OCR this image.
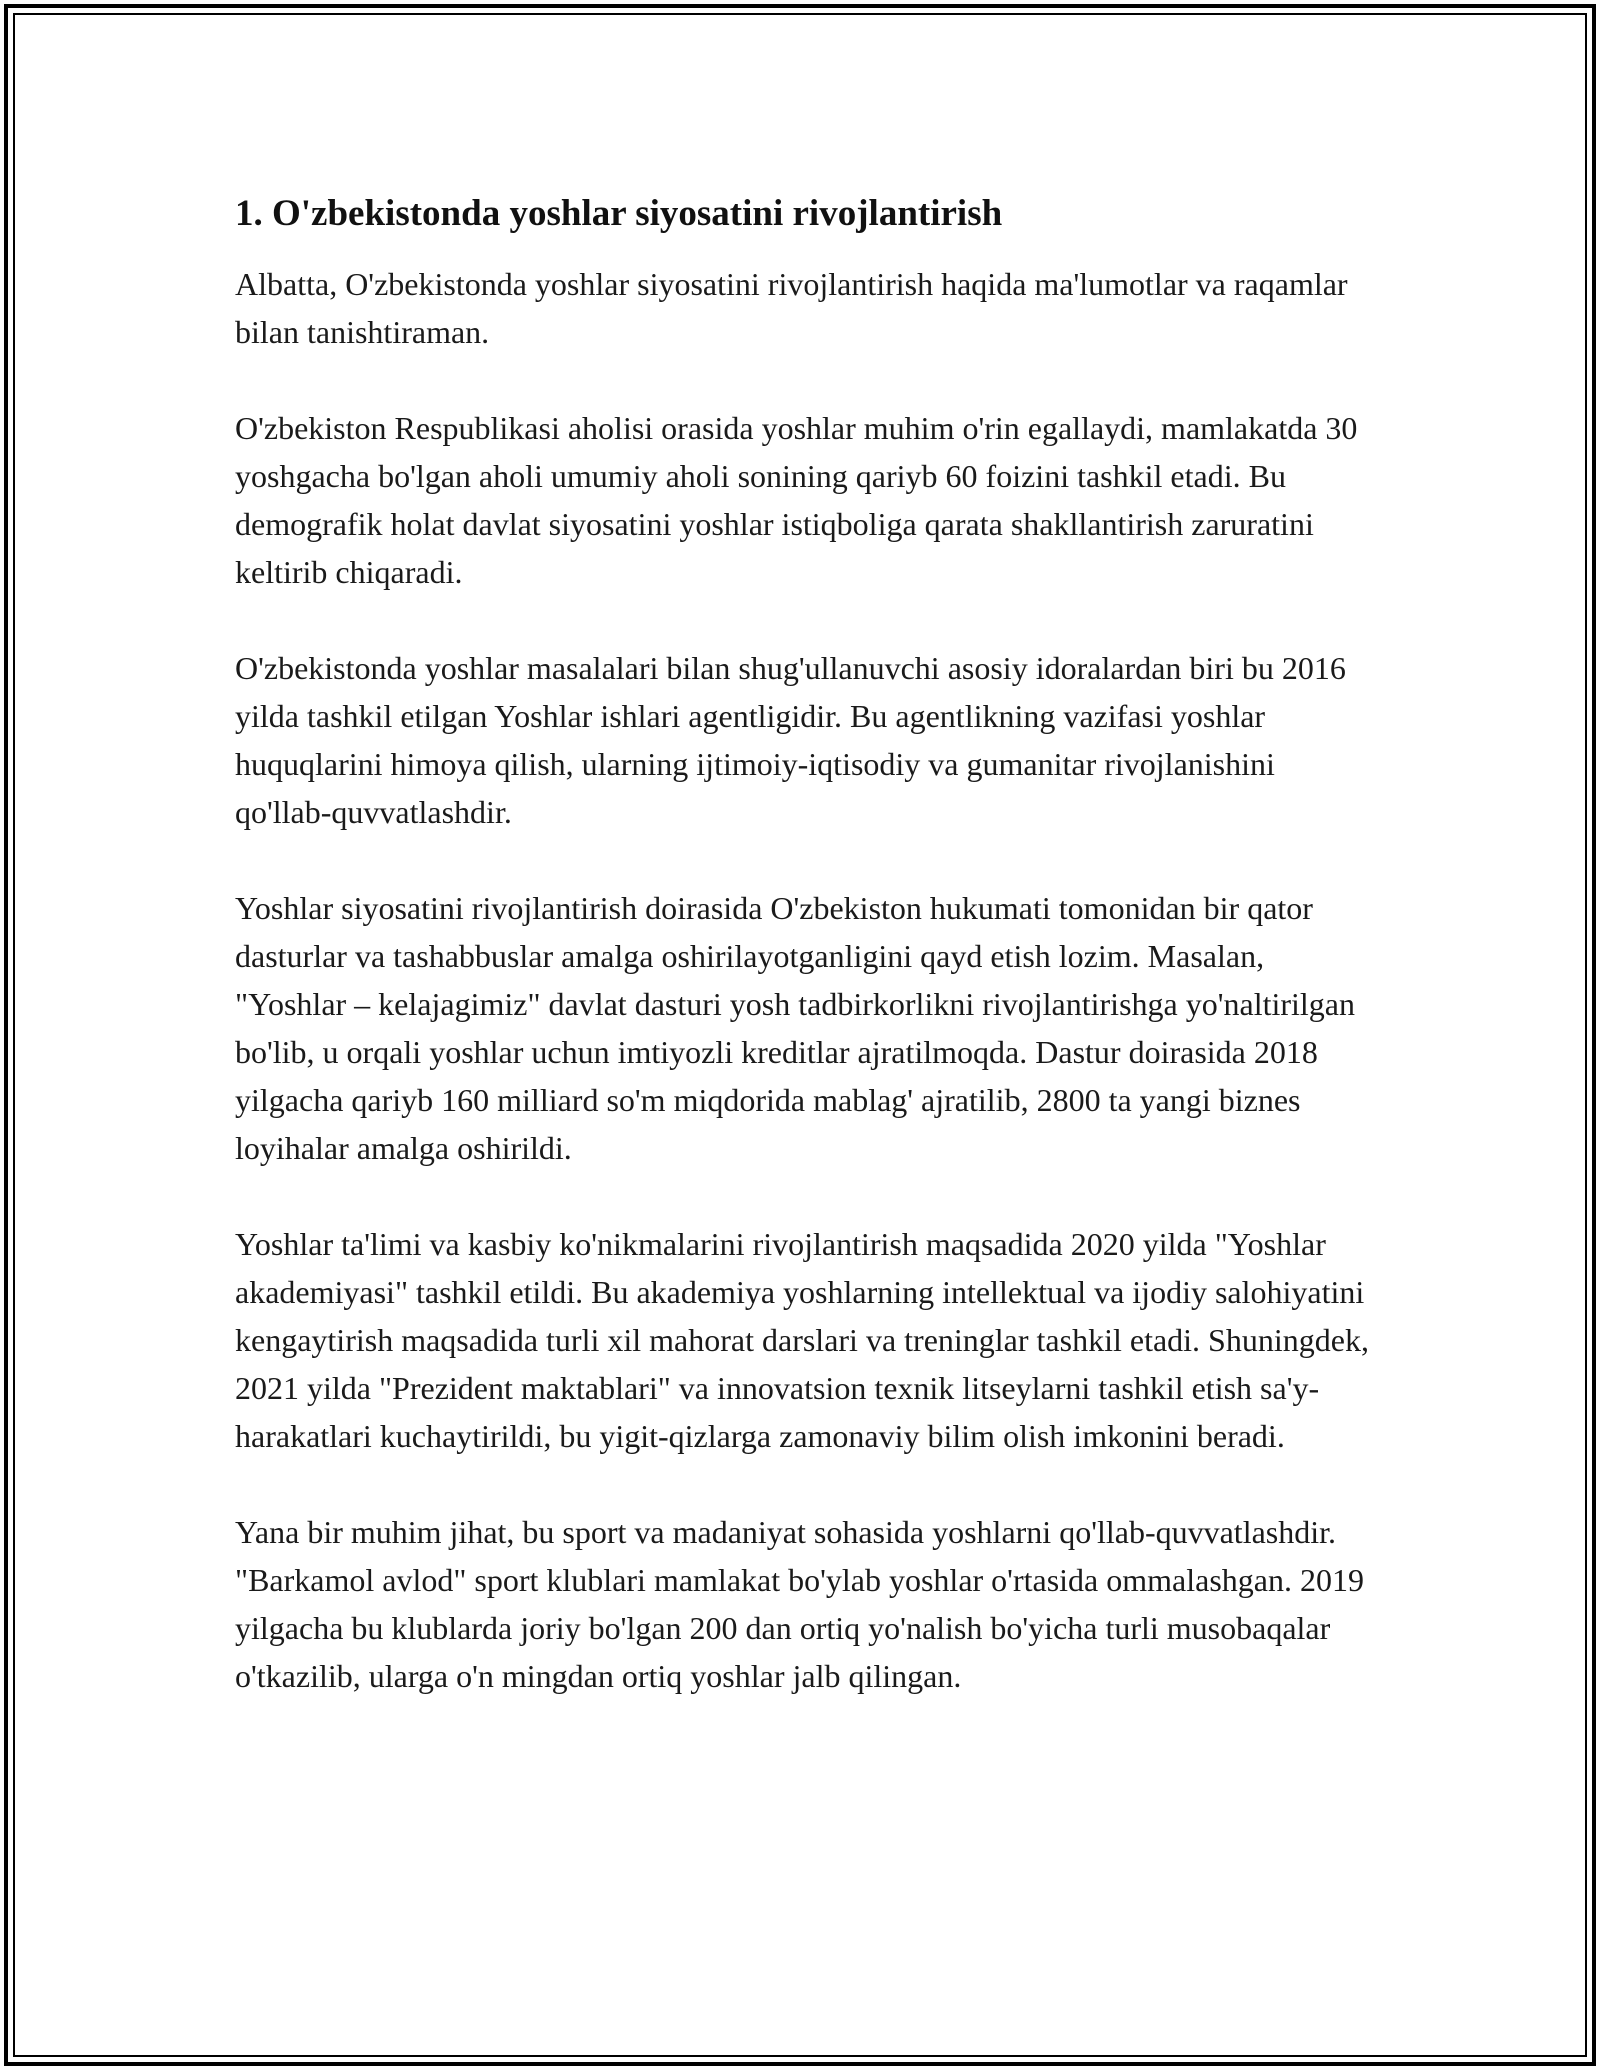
1. O'zbekistonda yoshlar siyosatini rivojlantirish

Albatta, O'zbekistonda yoshlar siyosatini rivojlantirish haqida ma'lumotlar va raqamlar bilan tanishtiraman.

O'zbekiston Respublikasi aholisi orasida yoshlar muhim o'rin egallaydi, mamlakatda 30 yoshgacha bo'lgan aholi umumiy aholi sonining qariyb 60 foizini tashkil etadi. Bu demografik holat davlat siyosatini yoshlar istiqboliga qarata shakllantirish zaruratini keltirib chiqaradi.

O'zbekistonda yoshlar masalalari bilan shug'ullanuvchi asosiy idoralardan biri bu 2016 yilda tashkil etilgan Yoshlar ishlari agentligidir. Bu agentlikning vazifasi yoshlar huquqlarini himoya qilish, ularning ijtimoiy-iqtisodiy va gumanitar rivojlanishini qo'llab-quvvatlashdir.

Yoshlar siyosatini rivojlantirish doirasida O'zbekiston hukumati tomonidan bir qator dasturlar va tashabbuslar amalga oshirilayotganligini qayd etish lozim. Masalan, "Yoshlar – kelajagimiz" davlat dasturi yosh tadbirkorlikni rivojlantirishga yo'naltirilgan bo'lib, u orqali yoshlar uchun imtiyozli kreditlar ajratilmoqda. Dastur doirasida 2018 yilgacha qariyb 160 milliard so'm miqdorida mablag' ajratilib, 2800 ta yangi biznes loyihalar amalga oshirildi.

Yoshlar ta'limi va kasbiy ko'nikmalarini rivojlantirish maqsadida 2020 yilda "Yoshlar akademiyasi" tashkil etildi. Bu akademiya yoshlarning intellektual va ijodiy salohiyatini kengaytirish maqsadida turli xil mahorat darslari va treninglar tashkil etadi. Shuningdek, 2021 yilda "Prezident maktablari" va innovatsion texnik litseylarni tashkil etish sa'y-harakatlari kuchaytirildi, bu yigit-qizlarga zamonaviy bilim olish imkonini beradi.

Yana bir muhim jihat, bu sport va madaniyat sohasida yoshlarni qo'llab-quvvatlashdir. "Barkamol avlod" sport klublari mamlakat bo'ylab yoshlar o'rtasida ommalashgan. 2019 yilgacha bu klublarda joriy bo'lgan 200 dan ortiq yo'nalish bo'yicha turli musobaqalar o'tkazilib, ularga o'n mingdan ortiq yoshlar jalb qilingan.
